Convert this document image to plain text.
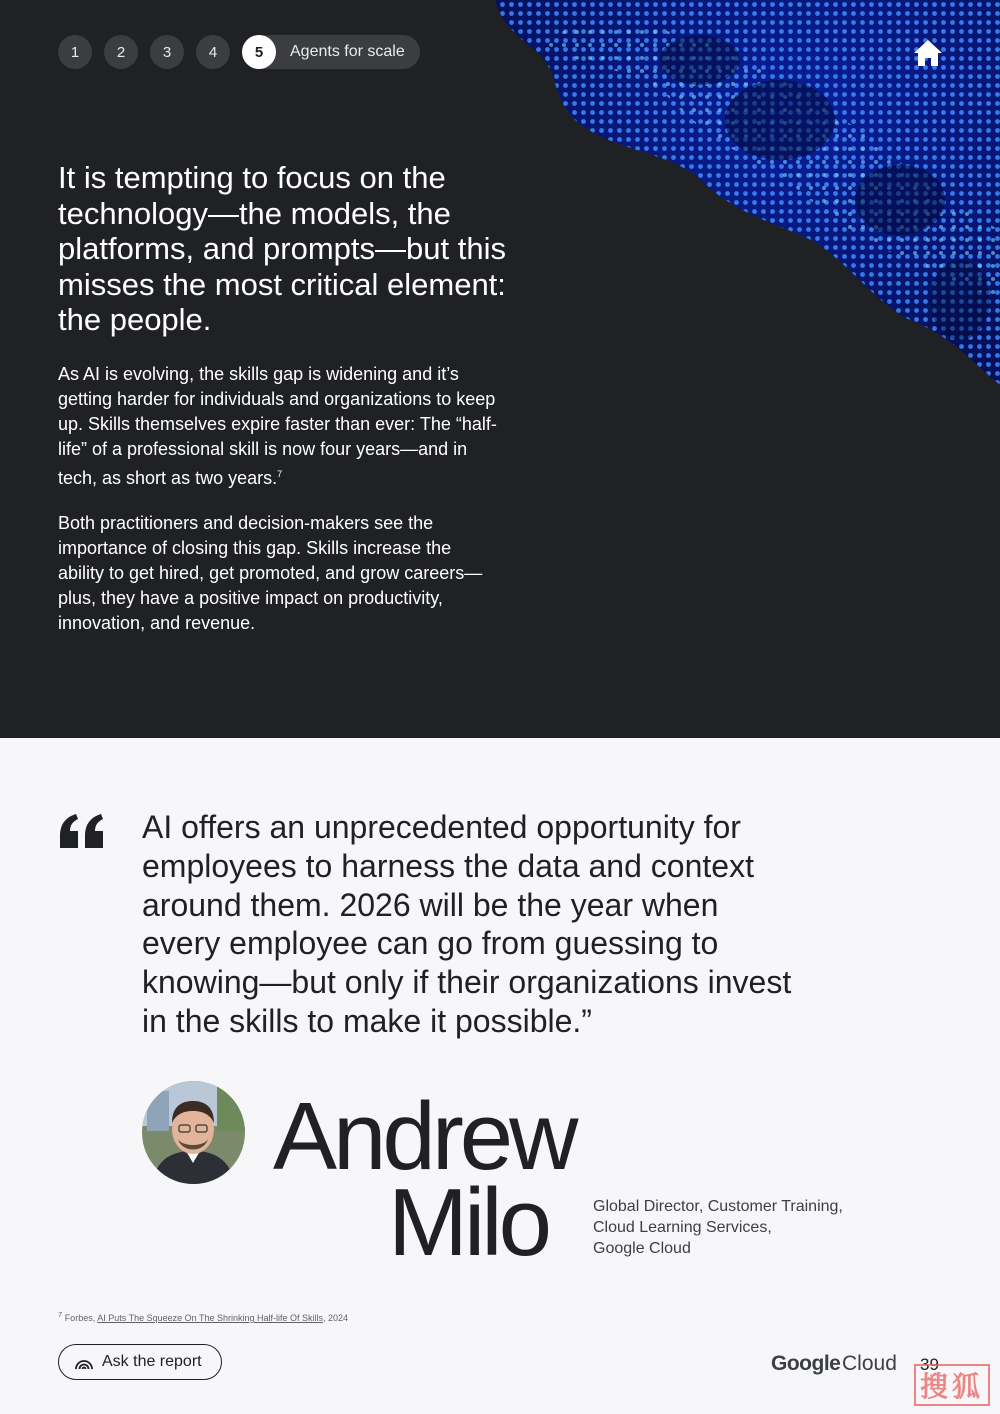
1	2	3	4	5	Agents for scale
It is tempting to focus on the technology—the models, the platforms, and prompts—but this misses the most critical element: the people.

As AI is evolving, the skills gap is widening and it’s getting harder for individuals and organizations to keep up. Skills themselves expire faster than ever: The “half-life” of a professional skill is now four years—and in tech, as short as two years.$^7$

Both practitioners and decision-makers see the importance of closing this gap. Skills increase the ability to get hired, get promoted, and grow careers—plus, they have a positive impact on productivity, innovation, and revenue.

AI offers an unprecedented opportunity for employees to harness the data and context around them. 2026 will be the year when every employee can go from guessing to knowing—but only if their organizations invest in the skills to make it possible.”

Andrew
Milo	Global Director, Customer Training,
Cloud Learning Services,
Google Cloud
$^7$ Forbes, AI Puts The Squeeze On The Shrinking Half-life Of Skills, 2024
Ask the report	Google Cloud 39
搜狐
